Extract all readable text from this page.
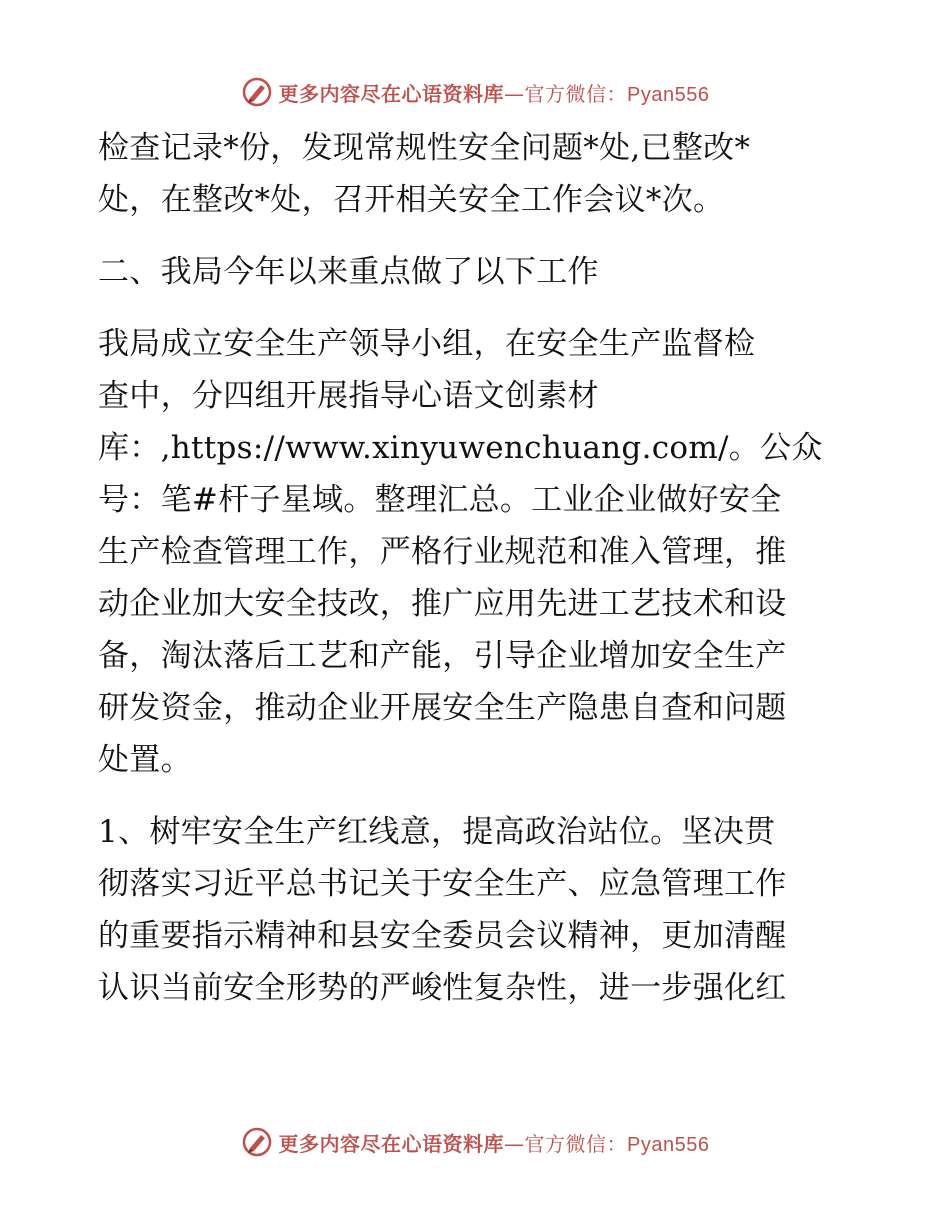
更多内容尽在心语资料库—官方微信：Pyan556
检查记录*份，发现常规性安全问题*处,已整改*
处，在整改*处，召开相关安全工作会议*次。
二、我局今年以来重点做了以下工作
我局成立安全生产领导小组，在安全生产监督检
查中，分四组开展指导心语文创素材
库：,https://www.xinyuwenchuang.com/。公众
号：笔#杆子星域。整理汇总。工业企业做好安全
生产检查管理工作，严格行业规范和准入管理，推
动企业加大安全技改，推广应用先进工艺技术和设
备，淘汰落后工艺和产能，引导企业增加安全生产
研发资金，推动企业开展安全生产隐患自查和问题
处置。
1、树牢安全生产红线意，提高政治站位。坚决贯
彻落实习近平总书记关于安全生产、应急管理工作
的重要指示精神和县安全委员会议精神，更加清醒
认识当前安全形势的严峻性复杂性，进一步强化红
更多内容尽在心语资料库—官方微信：Pyan556
